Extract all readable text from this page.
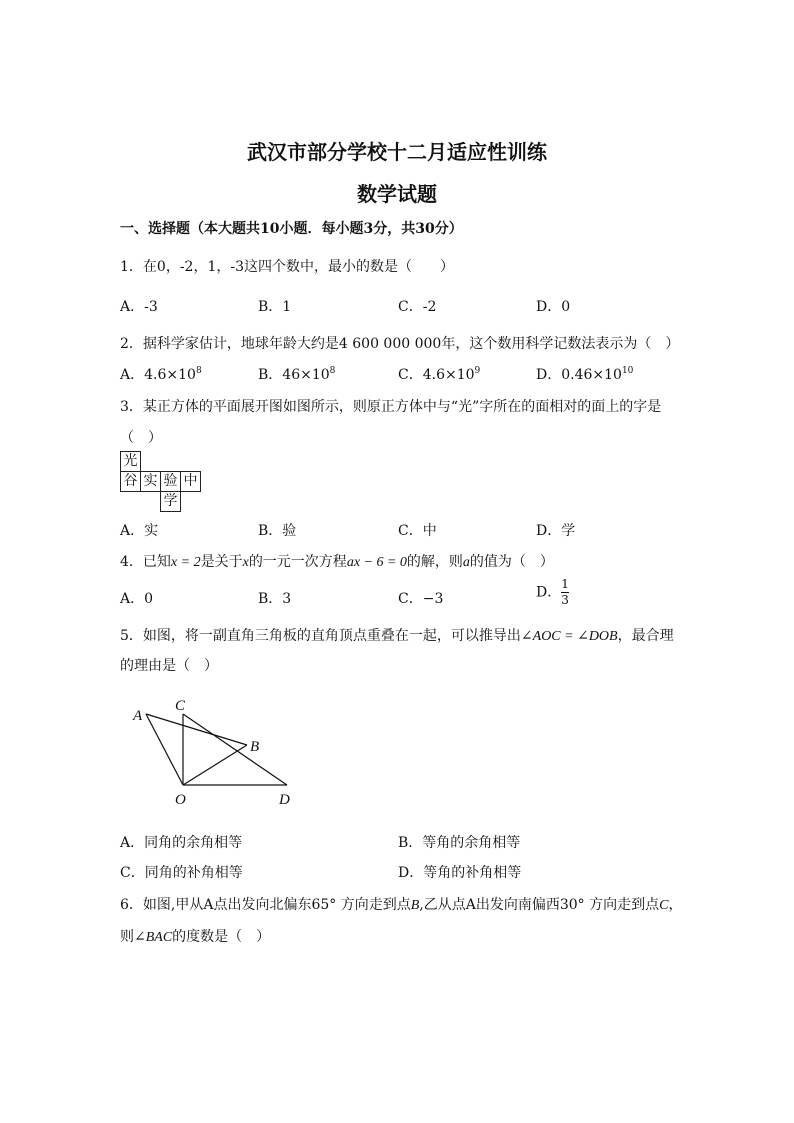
武汉市部分学校十二月适应性训练
数学试题
一、选择题（本大题共10小题．每小题3分，共30分）
1．在0，-2，1，-3这四个数中，最小的数是（　　）
A．-3	B．1	C．-2	D．0
2．据科学家估计，地球年龄大约是4 600 000 000年，这个数用科学记数法表示为（　）
A．$4.6\times 10^8$	B．$46\times 10^8$	C．$4.6\times 10^9$	D．$0.46\times 10^{10}$
3．某正方体的平面展开图如图所示，则原正方体中与“光”字所在的面相对的面上的字是
（　）
光
谷 实 验 中
学
A．实	B．验	C．中	D．学
4．已知x = 2是关于x的一元一次方程ax − 6 = 0的解，则a的值为（　）
A．0	B．3	C．−3	D．$\frac{1}{3}$
5．如图，将一副直角三角板的直角顶点重叠在一起，可以推导出∠AOC = ∠DOB，最合理
的理由是（　）
A
C
B
O	D
A．同角的余角相等	B．等角的余角相等
C．同角的补角相等	D．等角的补角相等
6．如图,甲从A点出发向北偏东65° 方向走到点B,乙从点A出发向南偏西30° 方向走到点C，
则∠BAC的度数是（　）
